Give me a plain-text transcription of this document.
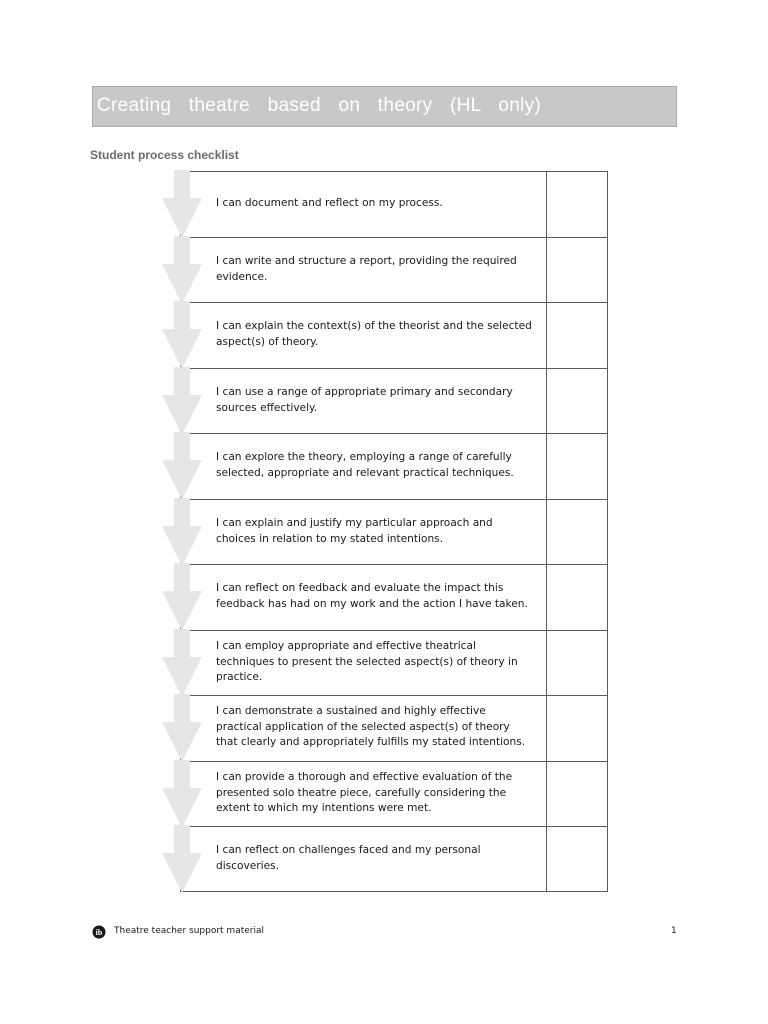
Creating theatre based on theory (HL only)
Student process checklist
I can document and reflect on my process.
I can write and structure a report, providing the required evidence.
I can explain the context(s) of the theorist and the selected aspect(s) of theory.
I can use a range of appropriate primary and secondary sources effectively.
I can explore the theory, employing a range of carefully selected, appropriate and relevant practical techniques.
I can explain and justify my particular approach and choices in relation to my stated intentions.
I can reflect on feedback and evaluate the impact this feedback has had on my work and the action I have taken.
I can employ appropriate and effective theatrical techniques to present the selected aspect(s) of theory in practice.
I can demonstrate a sustained and highly effective practical application of the selected aspect(s) of theory that clearly and appropriately fulfills my stated intentions.
I can provide a thorough and effective evaluation of the presented solo theatre piece, carefully considering the extent to which my intentions were met.
I can reflect on challenges faced and my personal discoveries.
ib Theatre teacher support material	1
